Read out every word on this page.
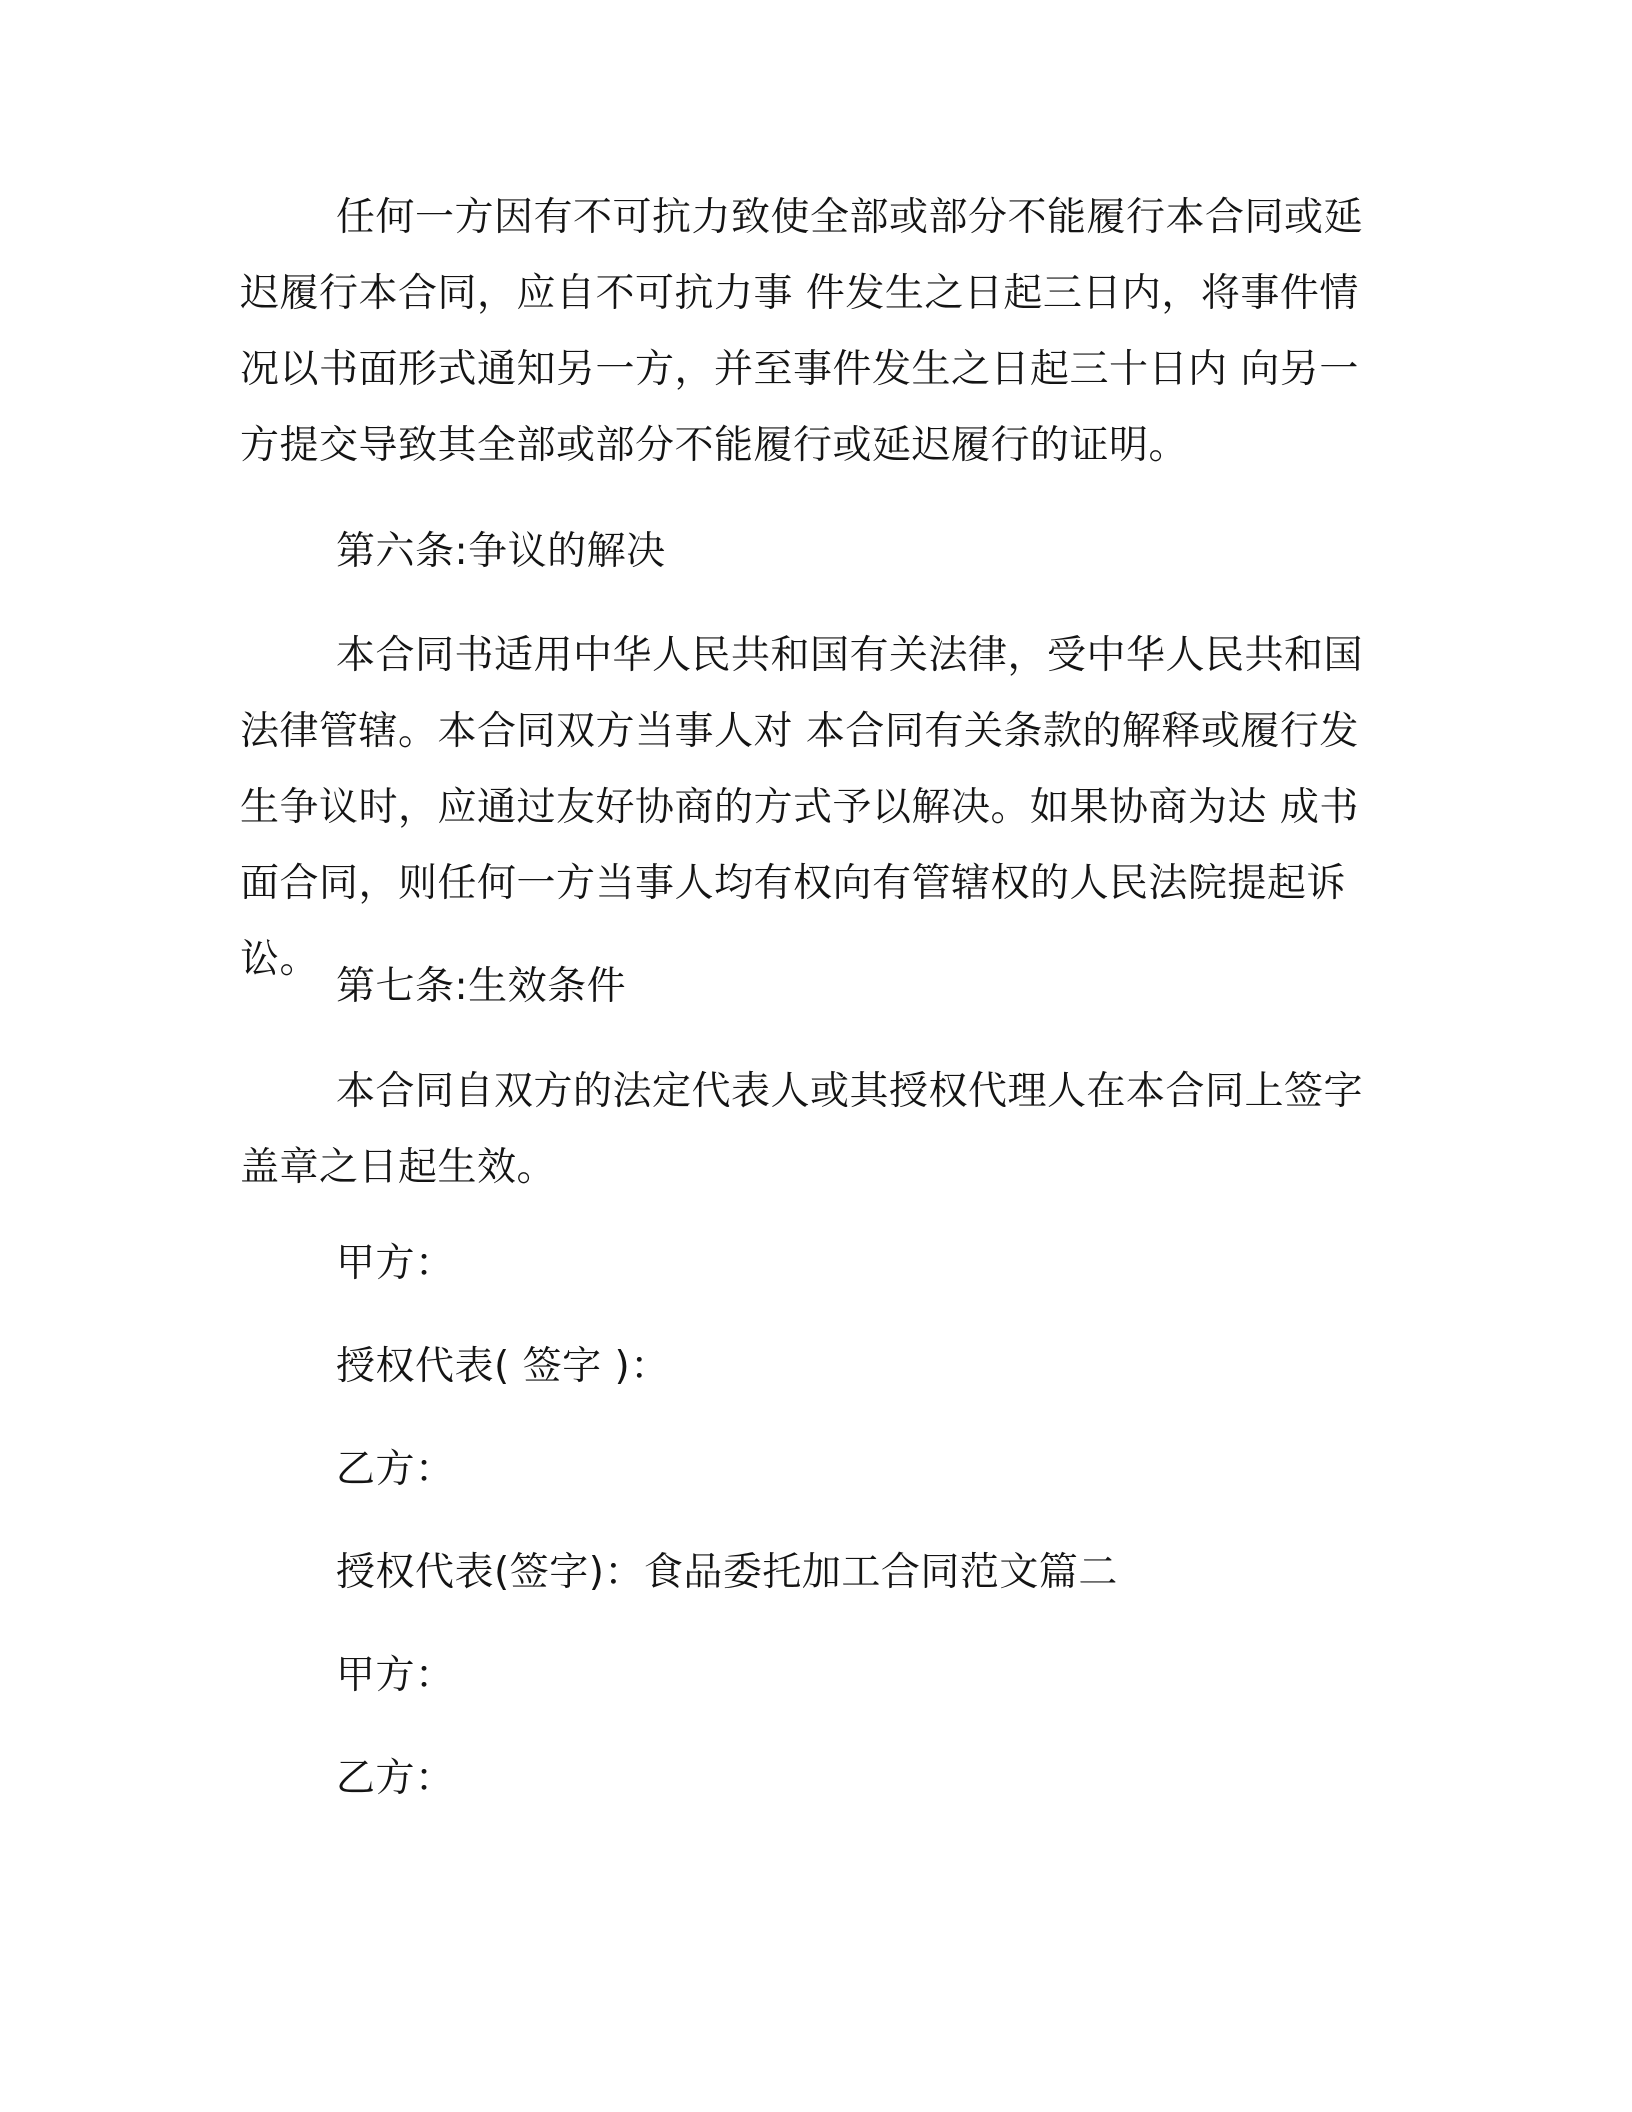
任何一方因有不可抗力致使全部或部分不能履行本合同或延迟履行本合同，应自不可抗力事 件发生之日起三日内，将事件情况以书面形式通知另一方，并至事件发生之日起三十日内 向另一方提交导致其全部或部分不能履行或延迟履行的证明。
第六条:争议的解决
本合同书适用中华人民共和国有关法律，受中华人民共和国法律管辖。本合同双方当事人对 本合同有关条款的解释或履行发生争议时，应通过友好协商的方式予以解决。如果协商为达 成书面合同，则任何一方当事人均有权向有管辖权的人民法院提起诉讼。
第七条:生效条件
本合同自双方的法定代表人或其授权代理人在本合同上签字盖章之日起生效。
甲方：
授权代表( 签字 )：
乙方：
授权代表(签字)：食品委托加工合同范文篇二
甲方：
乙方：
